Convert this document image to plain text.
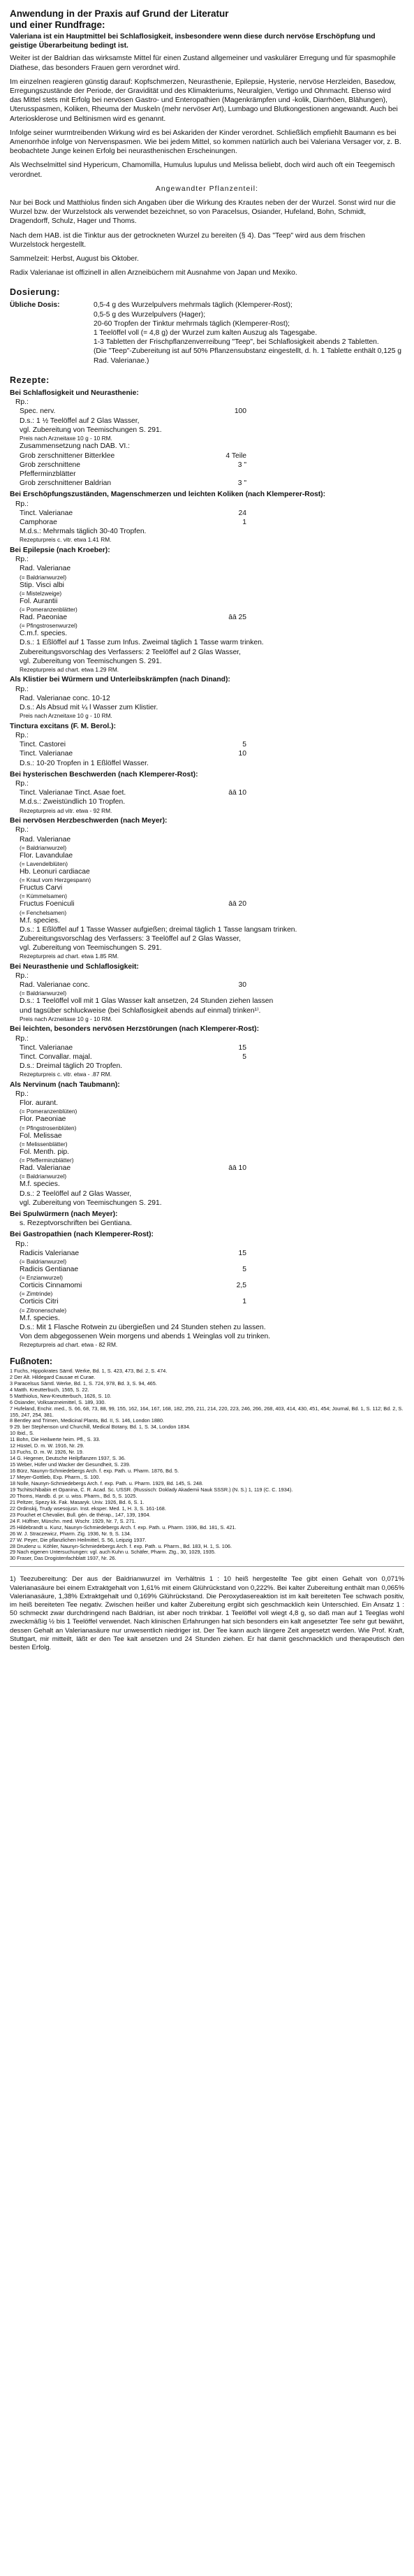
Anwendung in der Praxis auf Grund der Literatur
und einer Rundfrage:

Valeriana ist ein Hauptmittel bei Schlaflosigkeit, insbesondere wenn diese durch nervöse Erschöpfung und geistige Überarbeitung bedingt ist.

Weiter ist der Baldrian das wirksamste Mittel für einen Zustand allgemeiner und vaskulärer Erregung und für spasmophile Diathese, das besonders Frauen gern verordnet wird.

Im einzelnen reagieren günstig darauf: Kopfschmerzen, Neurasthenie, Epilepsie, Hysterie, nervöse Herzleiden, Basedow, Erregungszustände der Periode, der Gravidität und des Klimakteriums, Neuralgien, Vertigo und Ohnmacht. Ebenso wird das Mittel stets mit Erfolg bei nervösen Gastro- und Enteropathien (Magenkrämpfen und -kolik, Diarrhöen, Blähungen), Uterusspasmen, Koliken, Rheuma der Muskeln (mehr nervöser Art), Lumbago und Blutkongestionen angewandt. Auch bei Arteriosklerose und Beltinismen wird es genannt.

Infolge seiner wurmtreibenden Wirkung wird es bei Askariden der Kinder verordnet. Schließlich empfiehlt Baumann es bei Amenorrhöe infolge von Nervenspasmen. Wie bei jedem Mittel, so kommen natürlich auch bei Valeriana Versager vor, z. B. beobachtete Junge keinen Erfolg bei neurasthenischen Erscheinungen.

Als Wechselmittel sind Hypericum, Chamomilla, Humulus lupulus und Melissa beliebt, doch wird auch oft ein Teegemisch verordnet.

Angewandter Pflanzenteil:

Nur bei Bock und Matthiolus finden sich Angaben über die Wirkung des Krautes neben der der Wurzel. Sonst wird nur die Wurzel bzw. der Wurzelstock als verwendet bezeichnet, so von Paracelsus, Osiander, Hufeland, Bohn, Schmidt, Dragendorff, Schulz, Hager und Thoms.

Nach dem HAB. ist die Tinktur aus der getrockneten Wurzel zu bereiten (§ 4). Das "Teep" wird aus dem frischen Wurzelstock hergestellt.

Sammelzeit: Herbst, August bis Oktober.

Radix Valerianae ist offizinell in allen Arzneibüchern mit Ausnahme von Japan und Mexiko.

Dosierung:
Übliche Dosis:	0,5-4 g des Wurzelpulvers mehrmals täglich (Klemperer-Rost);
0,5-5 g des Wurzelpulvers (Hager);
20-60 Tropfen der Tinktur mehrmals täglich (Klemperer-Rost);
1 Teelöffel voll (= 4,8 g) der Wurzel zum kalten Auszug als Tagesgabe.
1-3 Tabletten der Frischpflanzenverreibung "Teep", bei Schlaflosigkeit abends 2 Tabletten.
(Die "Teep"-Zubereitung ist auf 50% Pflanzensubstanz eingestellt, d. h. 1 Tablette enthält 0,125 g Rad. Valerianae.)
Rezepte:
Bei Schlaflosigkeit und Neurasthenie:
Rp.:
Spec. nerv.	100
D.s.: 1 ½ Teelöffel auf 2 Glas Wasser,
vgl. Zubereitung von Teemischungen S. 291.
Preis nach Arzneitaxe 10 g - 10 RM.
Zusammensetzung nach DAB. VI.:
Grob zerschnittener Bitterklee	4 Teile
Grob zerschnittene	3 "
Pfefferminzblätter
Grob zerschnittener Baldrian	3 "
Bei Erschöpfungszuständen, Magenschmerzen und leichten Koliken (nach Klemperer-Rost):
Rp.:
Tinct. Valerianae	24
Camphorae	1
M.d.s.: Mehrmals täglich 30-40 Tropfen.
Rezepturpreis c. vitr. etwa 1.41 RM.
Bei Epilepsie (nach Kroeber):
Rp.:
Rad. Valerianae
(= Baldrianwurzel)
Stip. Visci albi
(= Mistelzweige)
Fol. Aurantii
(= Pomeranzenblätter)
Rad. Paeoniae	āā 25
(= Pfingstrosenwurzel)
C.m.f. species.
D.s.: 1 Eßlöffel auf 1 Tasse zum Infus. Zweimal täglich 1 Tasse warm trinken.
Zubereitungsvorschlag des Verfassers: 2 Teelöffel auf 2 Glas Wasser,
vgl. Zubereitung von Teemischungen S. 291.
Rezepturpreis ad chart. etwa 1.29 RM.
Als Klistier bei Würmern und Unterleibskrämpfen (nach Dinand):
Rp.:
Rad. Valerianae conc. 10-12
D.s.: Als Absud mit ¼ l Wasser zum Klistier.
Preis nach Arzneitaxe 10 g - 10 RM.
Tinctura excitans (F. M. Berol.):
Rp.:
Tinct. Castorei	5
Tinct. Valerianae	10
D.s.: 10-20 Tropfen in 1 Eßlöffel Wasser.
Bei hysterischen Beschwerden (nach Klemperer-Rost):
Rp.:
Tinct. Valerianae Tinct. Asae foet.	āā 10
M.d.s.: Zweistündlich 10 Tropfen.
Rezepturpreis ad vitr. etwa - 92 RM.
Bei nervösen Herzbeschwerden (nach Meyer):
Rp.:
Rad. Valerianae
(= Baldrianwurzel)
Flor. Lavandulae
(= Lavendelblüten)
Hb. Leonuri cardiacae
(= Kraut vom Herzgespann)
Fructus Carvi
(= Kümmelsamen)
Fructus Foeniculi	āā 20
(= Fenchelsamen)
M.f. species.
D.s.: 1 Eßlöffel auf 1 Tasse Wasser aufgießen; dreimal täglich 1 Tasse langsam trinken.
Zubereitungsvorschlag des Verfassers: 3 Teelöffel auf 2 Glas Wasser,
vgl. Zubereitung von Teemischungen S. 291.
Rezepturpreis ad chart. etwa 1.85 RM.
Bei Neurasthenie und Schlaflosigkeit:
Rp.:
Rad. Valerianae conc.	30
(= Baldrianwurzel)
D.s.: 1 Teelöffel voll mit 1 Glas Wasser kalt ansetzen, 24 Stunden ziehen lassen
und tagsüber schluckweise (bei Schlaflosigkeit abends auf einmal) trinken¹⁾.
Preis nach Arzneitaxe 10 g - 10 RM.
Bei leichten, besonders nervösen Herzstörungen (nach Klemperer-Rost):
Rp.:
Tinct. Valerianae	15
Tinct. Convallar. majal.	5
D.s.: Dreimal täglich 20 Tropfen.
Rezepturpreis c. vitr. etwa - .87 RM.
Als Nervinum (nach Taubmann):
Rp.:
Flor. aurant.
(= Pomeranzenblüten)
Flor. Paeoniae
(= Pfingstrosenblüten)
Fol. Melissae
(= Melissenblätter)
Fol. Menth. pip.
(= Pfefferminzblätter)
Rad. Valerianae	āā 10
(= Baldrianwurzel)
M.f. species.
D.s.: 2 Teelöffel auf 2 Glas Wasser,
vgl. Zubereitung von Teemischungen S. 291.
Bei Spulwürmern (nach Meyer):
s. Rezeptvorschriften bei Gentiana.
Bei Gastropathien (nach Klemperer-Rost):
Rp.:
Radicis Valerianae	15
(= Baldrianwurzel)
Radicis Gentianae	5
(= Enzianwurzel)
Corticis Cinnamomi	2,5
(= Zimtrinde)
Corticis Citri	1
(= Zitronenschale)
M.f. species.
D.s.: Mit 1 Flasche Rotwein zu übergießen und 24 Stunden stehen zu lassen.
Von dem abgegossenen Wein morgens und abends 1 Weinglas voll zu trinken.
Rezepturpreis ad chart. etwa - 82 RM.
Fußnoten:
1 Fuchs, Hippokrates Sämtl. Werke, Bd. 1, S. 423, 473, Bd. 2, S. 474.
2 Der Alt. Hildegard Causae et Curae.
3 Paracelsus Sämtl. Werke, Bd. 1, S. 724, 978, Bd. 3, S. 94, 465.
4 Matth. Kreutterbuch, 1565, S. 22.
5 Matthiolus, New-Kreutterbuch, 1626, S. 10.
6 Osiander, Volksarzneimittel, S. 189, 330.
7 Hufeland, Enchir. med., S. 66, 68, 73, 88, 99, 155, 162, 164, 167, 168, 182, 255, 211, 214, 220, 223, 246, 266, 268, 403, 414, 430, 451, 454; Journal, Bd. 1, S. 112; Bd. 2, S. 155, 247, 254, 381.
8 Bentley and Trimen, Medicinal Plants, Bd. II, S. 146, London 1880.
9 29. ber Stephenson und Churchill, Medical Botany, Bd. 1, S. 34, London 1834.
10 Ibid., S.
11 Bohn, Die Heilwerte heim. Pfl., S. 33.
12 Hüstel, D. m. W. 1916, Nr. 29.
13 Fuchs, D. m. W. 1926, Nr. 19.
14 G. Hegener, Deutsche Heilpflanzen 1937, S. 36.
15 Weber, Hüfer und Wacker der Gesundheit, S. 239.
16 Bürz, Naunyn-Schmiedebergs Arch. f. exp. Path. u. Pharm. 1876, Bd. 5.
17 Meyer-Gottlieb, Exp. Pharm., S. 100.
18 Nolle, Naunyn-Schmiedebergs Arch. f. exp. Path. u. Pharm. 1929, Bd. 145, S. 248.
19 Tschitschibabin et Opanina, C. R. Acad. Sc. USSR. (Russisch: Doklady Akademii Nauk SSSR.) (N. S.) 1, 119 (C. C. 1934).
20 Thoms, Handb. d. pr. u. wiss. Pharm., Bd. 5, S. 1025.
21 Peltzer, Spezy kk. Fak. Masaryk. Univ. 1926, Bd. 6, S. 1.
22 Ordinskij, Trudy wsesojusn. Inst. eksper. Med. 1, H. 3, S. 161-168.
23 Pouchet et Chevalier, Bull. gén. de thérap., 147, 139, 1904.
24 F. Hüffner, Münchn. med. Wschr. 1929, Nr. 7, S. 271.
25 Hildebrandt u. Kunz, Naunyn-Schmiedebergs Arch. f. exp. Path. u. Pharm. 1936, Bd. 181, S. 421.
26 W. J. Straczewicz, Pharm. Zig. 1936, Nr. 9, S. 134.
27 W. Peyer, Die pflanzlichen Heilmittel, S. 56, Leipzig 1937.
28 Drudenz u. Köhler, Naunyn-Schmiedebergs Arch. f. exp. Path. u. Pharm., Bd. 183, H. 1, S. 106.
29 Nach eigenen Untersuchungen: vgl. auch Kuhn u. Schäfer, Pharm. Ztg., 30, 1029, 1935.
30 Fraser, Das Drogistenfachblatt 1937, Nr. 26.
1) Teezubereitung: Der aus der Baldrianwurzel im Verhältnis 1 : 10 heiß hergestellte Tee gibt einen Gehalt von 0,071% Valerianasäure bei einem Extraktgehalt von 1,61% mit einem Glührückstand von 0,222%. Bei kalter Zubereitung enthält man 0,065% Valerianasäure, 1,38% Extraktgehalt und 0,169% Glührückstand. Die Peroxydasereaktion ist im kalt bereiteten Tee schwach positiv, im heiß bereiteten Tee negativ. Zwischen heißer und kalter Zubereitung ergibt sich geschmacklich kein Unterschied. Ein Ansatz 1 : 50 schmeckt zwar durchdringend nach Baldrian, ist aber noch trinkbar. 1 Teelöffel voll wiegt 4,8 g, so daß man auf 1 Teeglas wohl zweckmäßig ½ bis 1 Teelöffel verwendet. Nach klinischen Erfahrungen hat sich besonders ein kalt angesetzter Tee sehr gut bewährt, dessen Gehalt an Valerianasäure nur unwesentlich niedriger ist. Der Tee kann auch längere Zeit angesetzt werden. Wie Prof. Kraft, Stuttgart, mir mitteilt, läßt er den Tee kalt ansetzen und 24 Stunden ziehen. Er hat damit geschmacklich und therapeutisch den besten Erfolg.
